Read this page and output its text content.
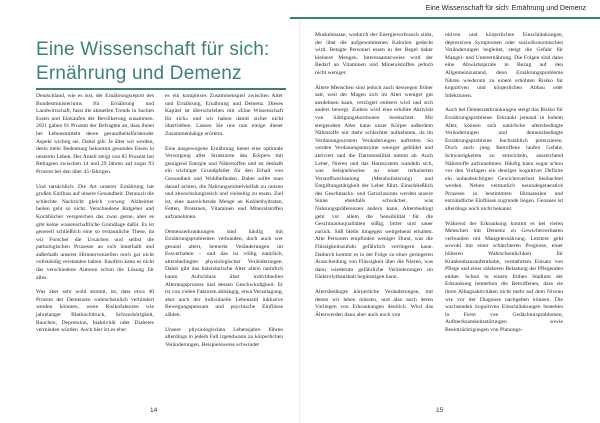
Eine Wissenschaft für sich: Ernährung und Demenz
Eine Wissenschaft für sich:
Ernährung und Demenz

Deutschland, wie es isst, der Ernährungsreport des Bundesministeriums für Ernährung und Landwirtschaft, fasst die aktuellen Trends in Sachen Essen und Einkaufen der Bevölkerung zusammen. 2021 gaben 91 Prozent der Befragten an, dass ihnen bei Lebensmitteln deren gesundheitsfördernder Aspekt wichtig sei. Dabei gilt: Je älter wir werden, desto mehr Bedeutung bekommt gesundes Essen in unserem Leben. Der Anteil steigt von 85 Prozent bei Befragten zwischen 14 und 29 Jahren auf sogar 93 Prozent bei den über 45-Jährigen.

Und tatsächlich: Die Art unserer Ernährung hat großen Einfluss auf unsere Gesundheit. Dennoch die schlechte Nachricht gleich vorweg: Alzheimer heilen geht so nicht. Verschiedene Ratgeber und Kochbücher versprechen das zwar gerne, aber es gibt keine wissenschaftliche Grundlage dafür. Es ist generell schließlich eine so erstaunliche These, da wir Forscher die Ursachen und selbst die pathologischen Prozesse an sich innerhalb und außerhalb unserer Hirnnervenzellen noch gar nicht vollständig verstanden haben. Insofern kann es nicht das verschiedene Autoren schon die Lösung für alles.

Was aber sehr wohl stimmt, ist, dass etwa 40 Prozent der Demenzen wahrscheinlich verhindert werden könnten, wenn Risikofaktoren wie jahrelanger Bluthochdruck, Schwerhörigkeit, Rauchen, Depression, Inaktivität oder Diabetes vermieden würden. Auch hier ist es eher

es ein komplexes Zusammenspiel zwischen Alter und Ernährung, Ernährung und Demenz. Dieses Kapitel ist überschrieben mit »Eine Wissenschaft für sich« und wir haben damit sicher nicht übertrieben. Lassen Sie uns nun einige dieser Zusammenhänge erörtern.

Eine ausgewogene Ernährung bietet eine optimale Versorgung aller Strukturen des Körpers mit genügend Energie und Nährstoffen und ist deshalb ein wichtiger Grundpfeiler für den Erhalt von Gesundheit und Wohlbefinden. Dabei sollte man darauf achten, die Nahrungsmittelvielfalt zu nutzen und abwechslungsreich und vielseitig zu essen. Ziel ist, eine ausreichende Menge an Kohlenhydraten, Fetten, Proteinen, Vitaminen und Mineralstoffen aufzunehmen.

Demenzerkrankungen sind häufig mit Ernährungsproblemen verbunden, doch auch wer gesund altert, bemerkt Veränderungen im Essverhalten – und das ist völlig natürlich, altersbedingter physiologischer Veränderungen. Dabei gibt das kalendarische Alter allein natürlich kaum Aufschluss über individuellen Alterungsprozess und dessen Geschwindigkeit. Er ist von vielen Faktoren abhängig, etwa Veranlagung, aber auch der individuelle Lebensstil inklusive Bewegungspensum und psychische Einflüsse zählen.

Unsere physiologischen Lebensjahre führen allerdings in jedem Fall irgendwann zu körperlichen Veränderungen. Beispielsweise schwindet

Muskelmasse, wodurch der Energieverbrauch sinkt, der über die aufgenommenen Kalorien gedeckt wird. Betagte Personen essen in der Regel daher kleinere Mengen. Interessanterweise wird der Bedarf an Vitaminen und Mineralstoffen jedoch nicht weniger.

Ältere Menschen sind jedoch auch deswegen früher satt, weil der Magen sich im Alter weniger gut ausdehnen kann, verzögert entleert wird und sich anders bewegt. Zudem wird eine erhöhte Aktivität von Sättigungshormonen beobachtet. Mit steigendem Alter kann unser Körper außerdem Nährstoffe nur mehr schlechter aufnehmen, da im Verdauungssystem Veränderungen auftreten. So werden Verdauungsenzyme weniger gebildet und aktiviert und die Darmmotilität nimmt ab. Auch Leber, Nieren und das Harnsystem wandeln sich, was beispielsweise zu einer reduzierten Verstoffwechselung (Metabolisierung) und Entgiftungstätigkeit der Leber führt. Einschließlich des Geschmacks- und Geruchssinns werden unsere Sinne ebenfalls schwächer, was Nahrungspräferenzen ändern kann. Altersbedingt geht vor allem die Sensibilität für die Geschmacksqualitäten süßig, bitter und sauer zurück. Süß bleibt hingegen weitgehend erhalten. Alte Personen empfinden weniger Durst, was die Flüssigkeitszufuhr gefährlich verringern kann. Dadurch kommt es in der Folge zu einer geringeren Ausscheidung von Flüssigkeit über die Nieren, was dann wiederum gefährliche Veränderungen im Elektrolythaushalt begünstigen kann.

Altersbedingte körperliche Veränderungen, mit denen wir leben müssen, und also auch deren Vorliegen von Erkrankungen deutlich. Wird das Älterwerden dann aber auch noch von

nitiven und körperlichen Einschränkungen, depressiven Symptomen oder sozioökonomischen Veränderungen begleitet, steigt die Gefahr für Mangel- und Unterernährung. Die Folgen sind dann eine Abwärtsspirale in Bezug auf den Allgemeinzustand, denn Ernährungsprobleme führen wiederum zu einem erhöhten Risiko für kognitiven und körperlichen Abbau oder Infektionen.

Auch bei Demenzerkrankungen steigt das Risiko für Ernährungsprobleme. Erkrankt jemand in hohem Alter, können sich natürliche altersbedingte Veränderungen und demenzbedingte Ernährungsprobleme buchstäblich potenzieren. Doch auch jung Betroffene laufen Gefahr, Schwierigkeiten zu entwickeln, ausreichend Nährstoffe aufzunehmen. Häufig kann sogar schon vor den Vorlagen ein deutiger kognitiver Defizite ein unbeabsichtigter Gewichtsverlust beobachtet werden. Neben vermutlich neurodegenerative Prozesse in bestimmten Hirnarealen und entzündliche Einflüsse zugrunde liegen. Genaues ist allerdings noch nicht bekannt.

Während der Erkrankung kommt es bei vielen Menschen mit Demenz zu Gewichtsverlusten verbunden mit Mangelernährung. Letztere geht sowohl mit einer schlechteren Prognose, einer höheren Wahrscheinlichkeit für Krankenhausaufenthalte, vermehrtem Einsatz von Pflege und einer stärkeren Belastung der Pflegenden einher. Schon in einem frühen Stadium der Erkrankung bemerken die Betroffenen, dass sie ihren Alltagsaktivitäten nicht mehr auf dem Niveau wie vor der Diagnose nachgehen können. Die wachsenden kognitiven Einschränkungen bestehen in Form von Gedächtnisproblemen, Aufmerksamkeitsstörungen sowie Beeinträchtigungen von Planungs-

14	15
